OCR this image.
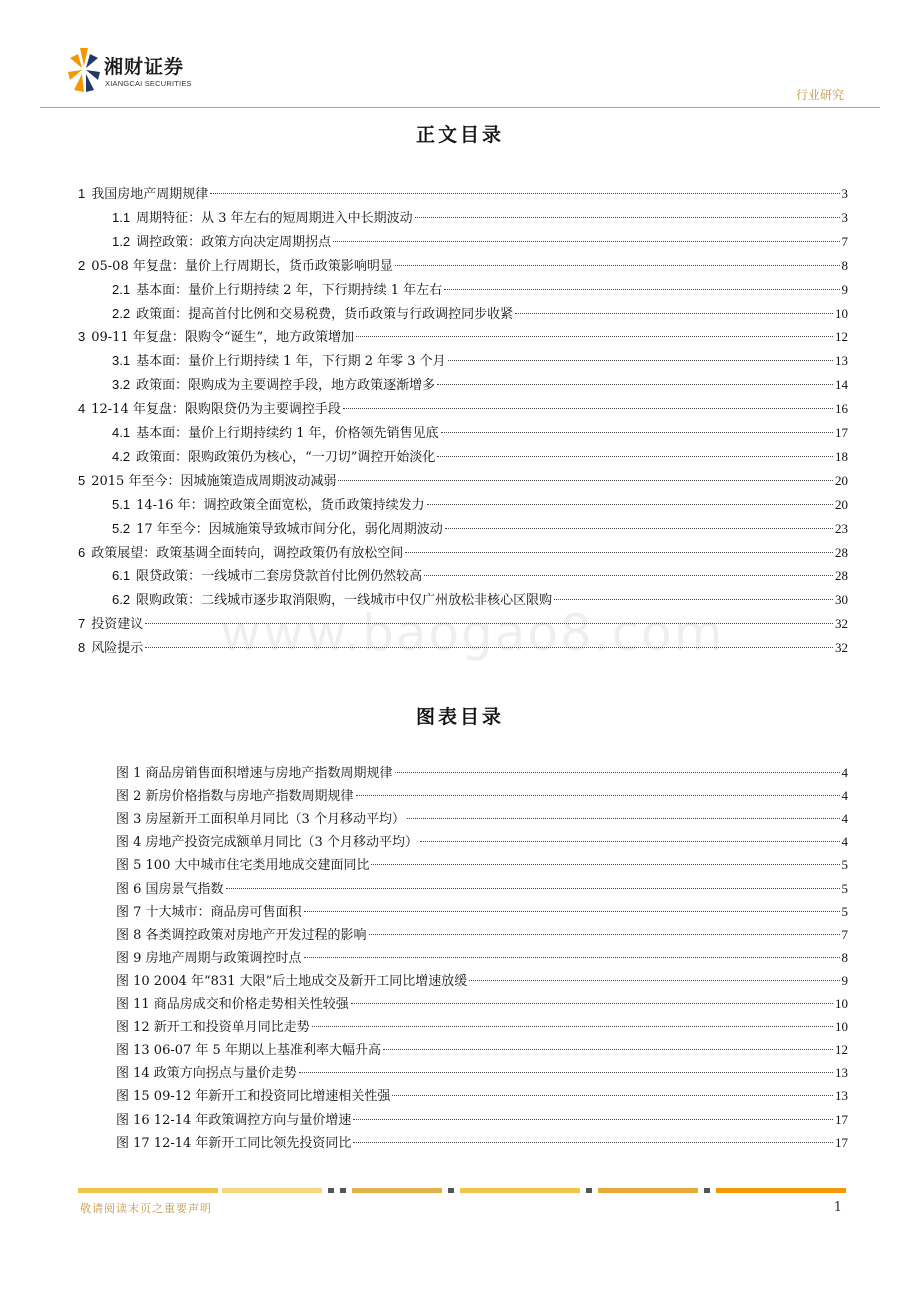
湘财证券
XIANGCAI SECURITIES
行业研究
正文目录
www.baogao8.com
1 我国房地产周期规律	3
1.1 周期特征：从 3 年左右的短周期进入中长期波动	3
1.2 调控政策：政策方向决定周期拐点	7
2 05-08 年复盘：量价上行周期长，货币政策影响明显	8
2.1 基本面：量价上行期持续 2 年，下行期持续 1 年左右	9
2.2 政策面：提高首付比例和交易税费，货币政策与行政调控同步收紧	10
3 09-11 年复盘：限购令“诞生”，地方政策增加	12
3.1 基本面：量价上行期持续 1 年，下行期 2 年零 3 个月	13
3.2 政策面：限购成为主要调控手段，地方政策逐渐增多	14
4 12-14 年复盘：限购限贷仍为主要调控手段	16
4.1 基本面：量价上行期持续约 1 年，价格领先销售见底	17
4.2 政策面：限购政策仍为核心，“一刀切”调控开始淡化	18
5 2015 年至今：因城施策造成周期波动减弱	20
5.1 14-16 年：调控政策全面宽松，货币政策持续发力	20
5.2 17 年至今：因城施策导致城市间分化，弱化周期波动	23
6 政策展望：政策基调全面转向，调控政策仍有放松空间	28
6.1 限贷政策：一线城市二套房贷款首付比例仍然较高	28
6.2 限购政策：二线城市逐步取消限购，一线城市中仅广州放松非核心区限购	30
7 投资建议	32
8 风险提示	32
图表目录
图 1 商品房销售面积增速与房地产指数周期规律	4
图 2 新房价格指数与房地产指数周期规律	4
图 3 房屋新开工面积单月同比（3 个月移动平均）	4
图 4 房地产投资完成额单月同比（3 个月移动平均）	4
图 5 100 大中城市住宅类用地成交建面同比	5
图 6 国房景气指数	5
图 7 十大城市：商品房可售面积	5
图 8 各类调控政策对房地产开发过程的影响	7
图 9 房地产周期与政策调控时点	8
图 10 2004 年“831 大限”后土地成交及新开工同比增速放缓	9
图 11 商品房成交和价格走势相关性较强	10
图 12 新开工和投资单月同比走势	10
图 13 06-07 年 5 年期以上基准利率大幅升高	12
图 14 政策方向拐点与量价走势	13
图 15 09-12 年新开工和投资同比增速相关性强	13
图 16 12-14 年政策调控方向与量价增速	17
图 17 12-14 年新开工同比领先投资同比	17
敬请阅读末页之重要声明	1
